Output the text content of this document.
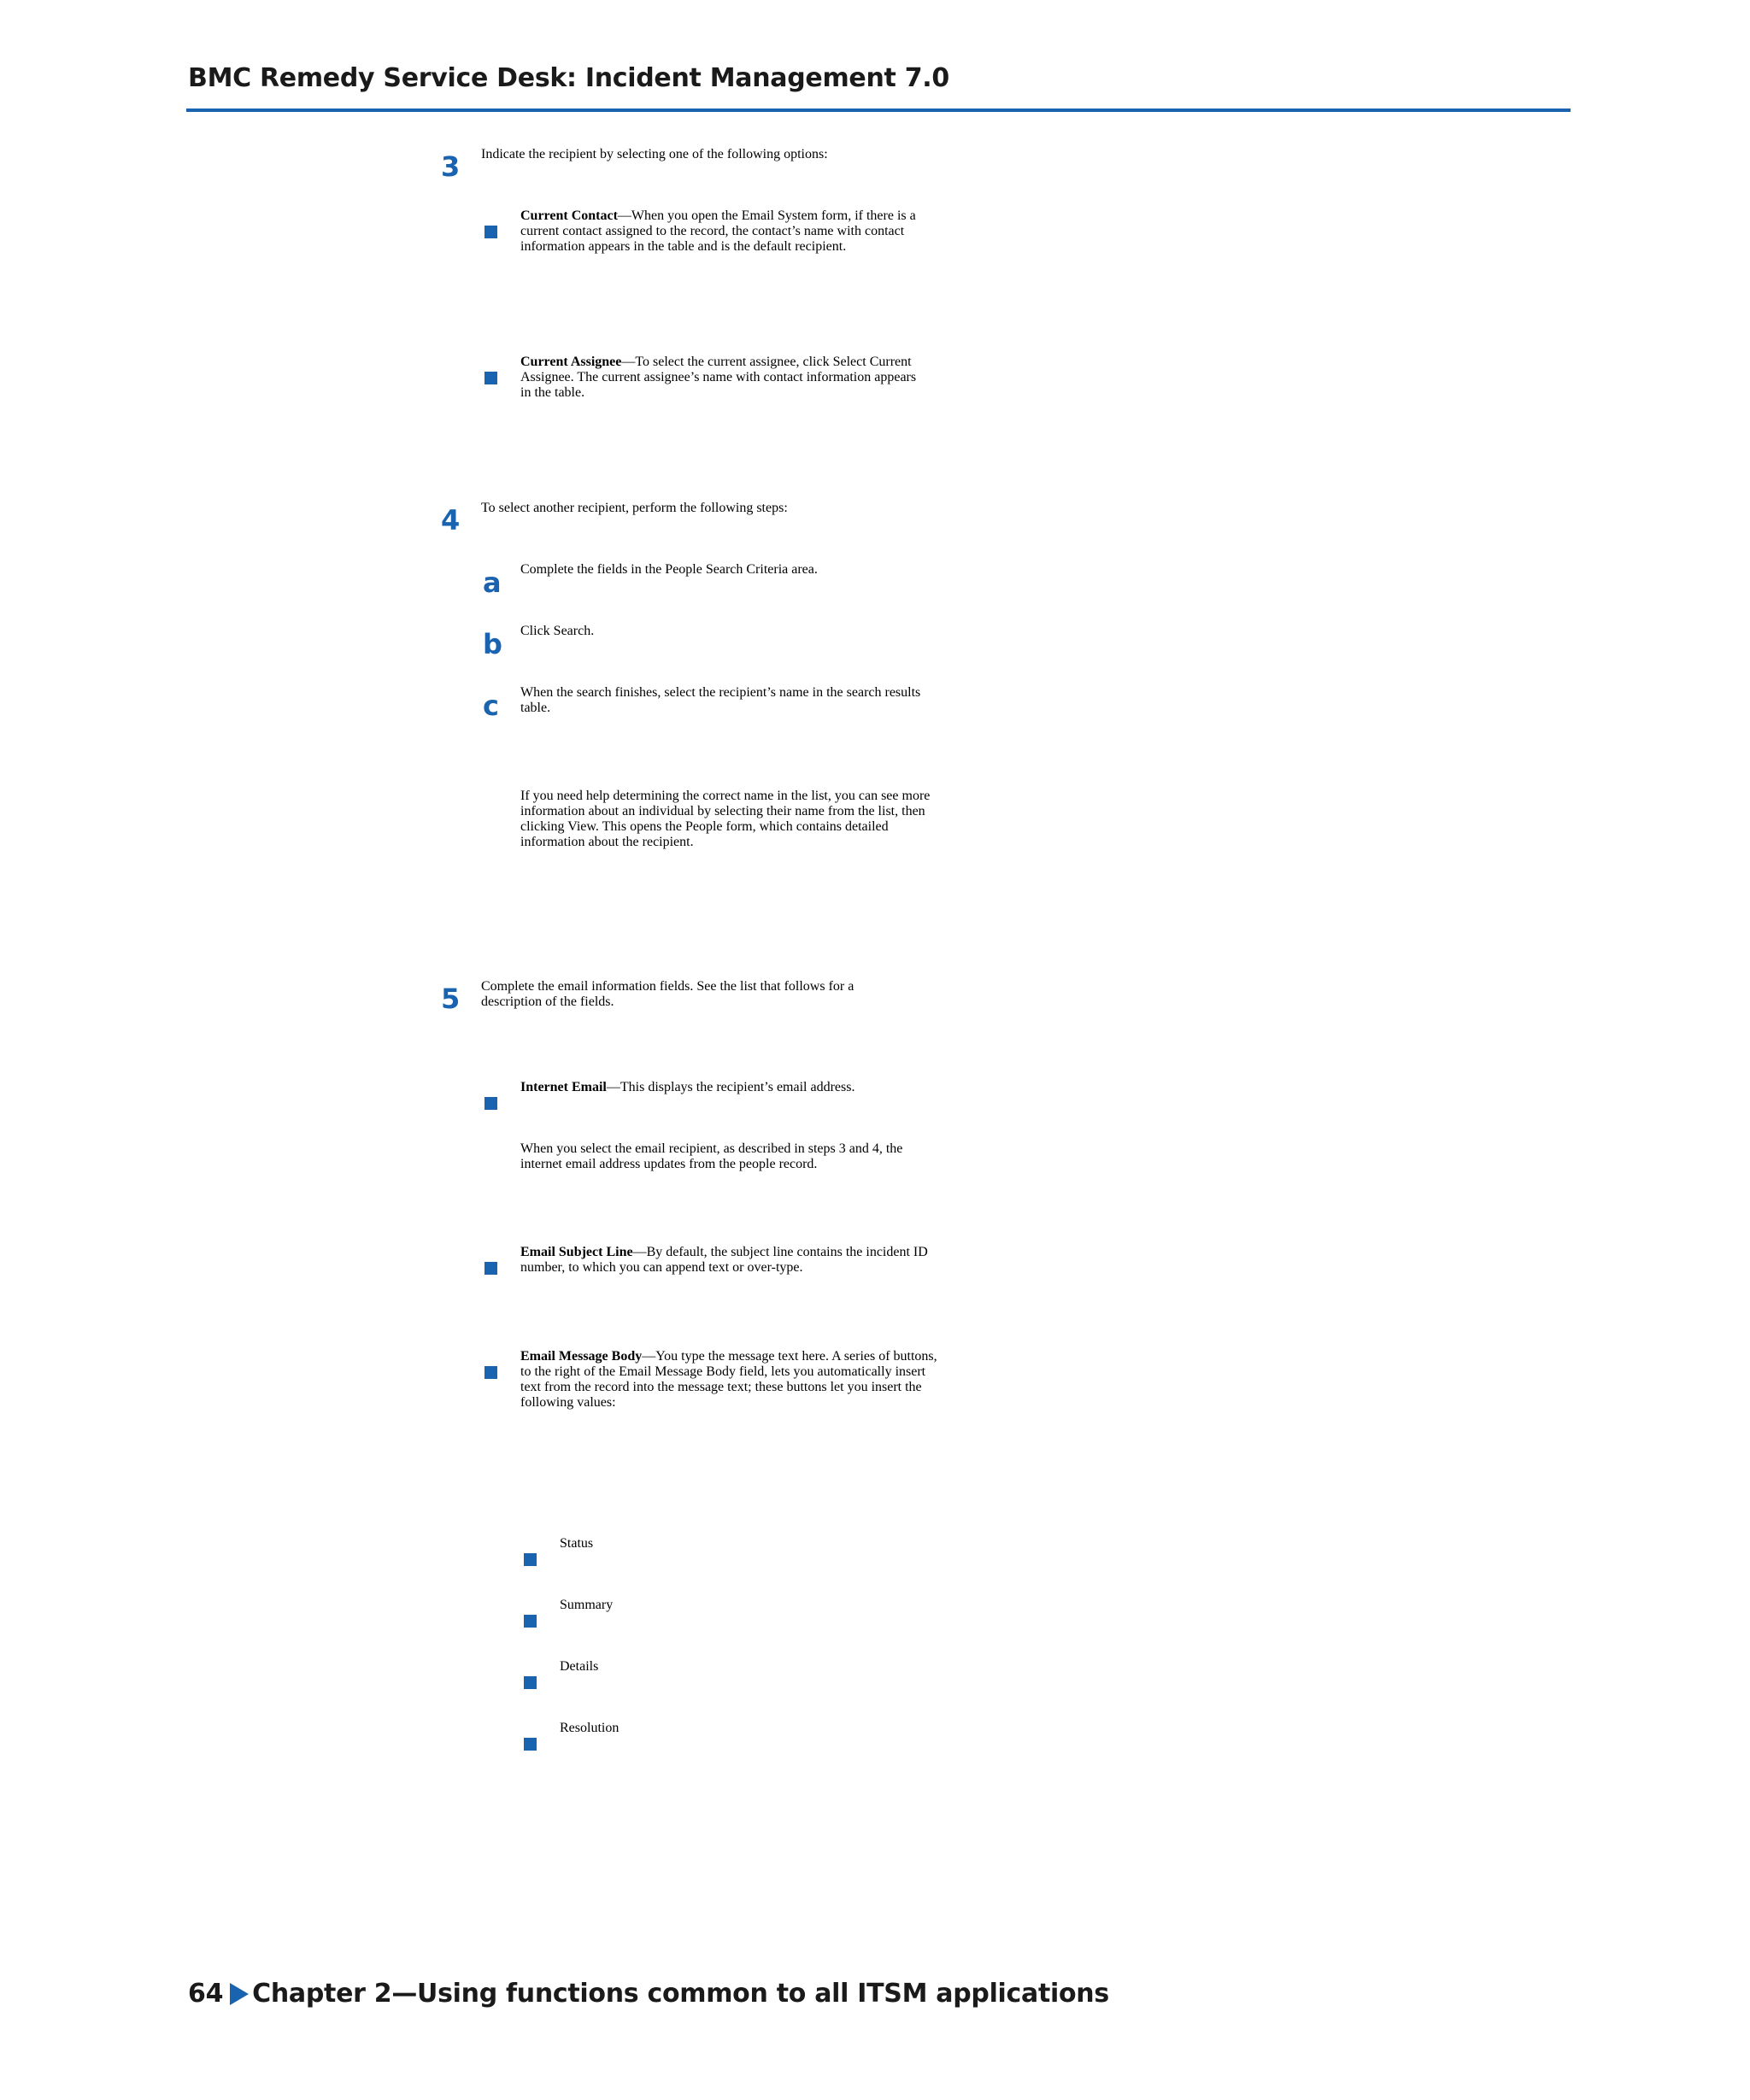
BMC Remedy Service Desk: Incident Management 7.0
3 Indicate the recipient by selecting one of the following options:
Current Contact—When you open the Email System form, if there is a
current contact assigned to the record, the contact’s name with contact
information appears in the table and is the default recipient.
Current Assignee—To select the current assignee, click Select Current
Assignee. The current assignee’s name with contact information appears
in the table.
4 To select another recipient, perform the following steps:
a Complete the fields in the People Search Criteria area.
b Click Search.
c When the search finishes, select the recipient’s name in the search results
table.
If you need help determining the correct name in the list, you can see more
information about an individual by selecting their name from the list, then
clicking View. This opens the People form, which contains detailed
information about the recipient.
5 Complete the email information fields. See the list that follows for a
description of the fields.
Internet Email—This displays the recipient’s email address.
When you select the email recipient, as described in steps 3 and 4, the
internet email address updates from the people record.
Email Subject Line—By default, the subject line contains the incident ID
number, to which you can append text or over-type.
Email Message Body—You type the message text here. A series of buttons,
to the right of the Email Message Body field, lets you automatically insert
text from the record into the message text; these buttons let you insert the
following values:
Status
Summary
Details
Resolution
64 Chapter 2—Using functions common to all ITSM applications
